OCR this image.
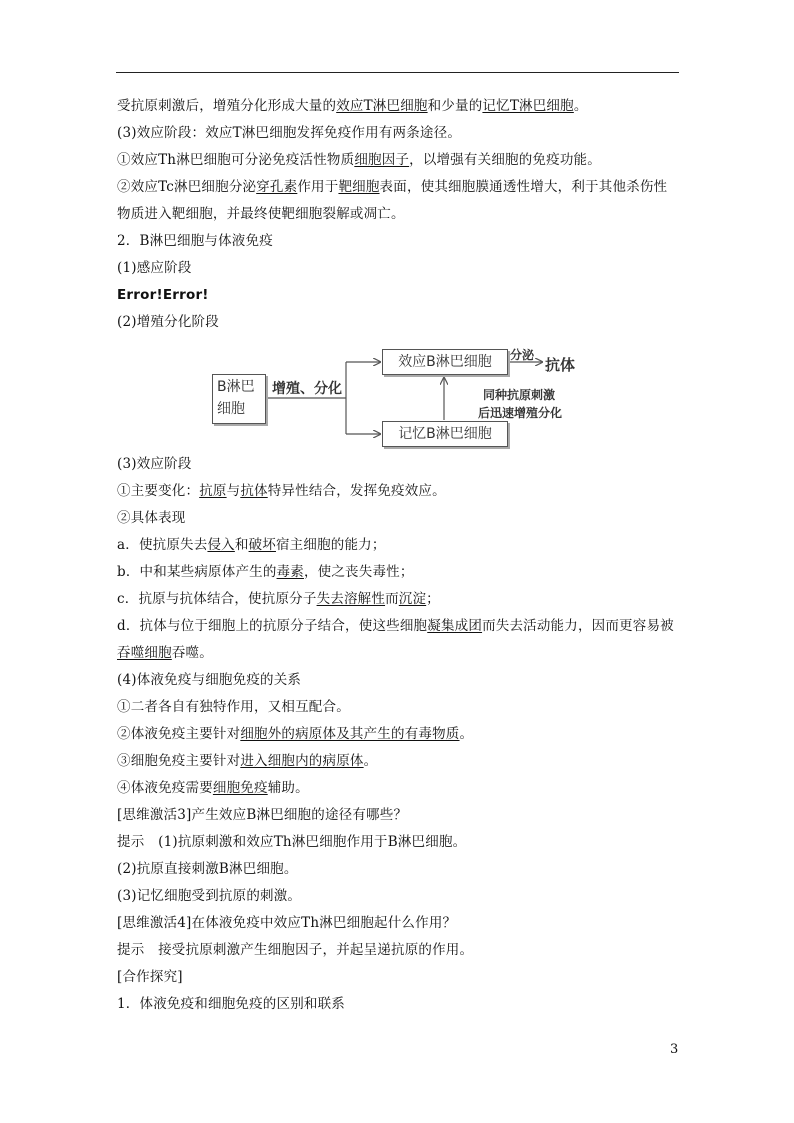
受抗原刺激后，增殖分化形成大量的效应T淋巴细胞和少量的记忆T淋巴细胞。
(3)效应阶段：效应T淋巴细胞发挥免疫作用有两条途径。
①效应Th淋巴细胞可分泌免疫活性物质细胞因子，以增强有关细胞的免疫功能。
②效应Tc淋巴细胞分泌穿孔素作用于靶细胞表面，使其细胞膜通透性增大，利于其他杀伤性
物质进入靶细胞，并最终使靶细胞裂解或凋亡。
2．B淋巴细胞与体液免疫
(1)感应阶段
Error!Error!
(2)增殖分化阶段
(3)效应阶段
①主要变化：抗原与抗体特异性结合，发挥免疫效应。
②具体表现
a．使抗原失去侵入和破坏宿主细胞的能力；
b．中和某些病原体产生的毒素，使之丧失毒性；
c．抗原与抗体结合，使抗原分子失去溶解性而沉淀；
d．抗体与位于细胞上的抗原分子结合，使这些细胞凝集成团而失去活动能力，因而更容易被
吞噬细胞吞噬。
(4)体液免疫与细胞免疫的关系
①二者各自有独特作用，又相互配合。
②体液免疫主要针对细胞外的病原体及其产生的有毒物质。
③细胞免疫主要针对进入细胞内的病原体。
④体液免疫需要细胞免疫辅助。
[思维激活3]产生效应B淋巴细胞的途径有哪些？
提示　(1)抗原刺激和效应Th淋巴细胞作用于B淋巴细胞。
(2)抗原直接刺激B淋巴细胞。
(3)记忆细胞受到抗原的刺激。
[思维激活4]在体液免疫中效应Th淋巴细胞起什么作用？
提示　接受抗原刺激产生细胞因子，并起呈递抗原的作用。
[合作探究]
1．体液免疫和细胞免疫的区别和联系
B淋巴
细胞
效应B淋巴细胞
记忆B淋巴细胞
增殖、分化
分泌
抗体
同种抗原刺激
后迅速增殖分化
3
